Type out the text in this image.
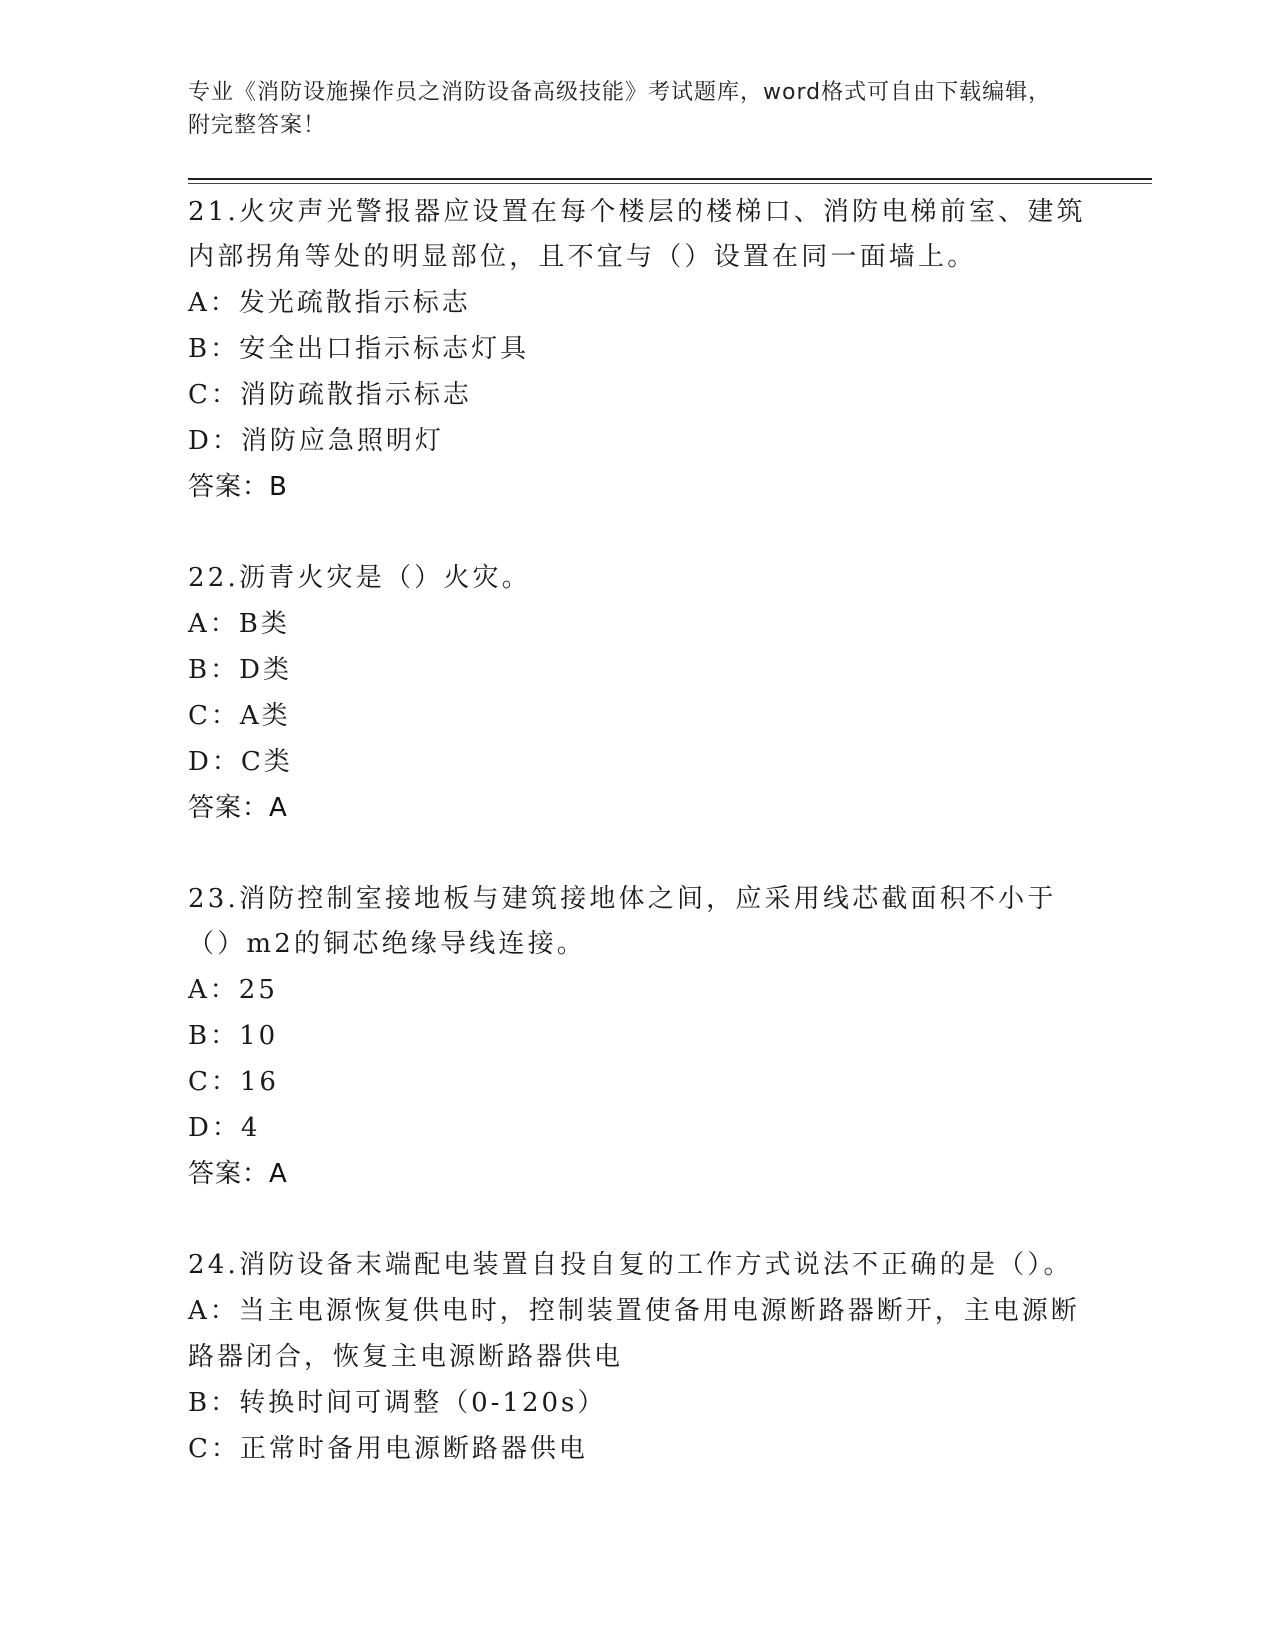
专业《消防设施操作员之消防设备高级技能》考试题库，word格式可自由下载编辑，附完整答案！
21.火灾声光警报器应设置在每个楼层的楼梯口、消防电梯前室、建筑内部拐角等处的明显部位，且不宜与（）设置在同一面墙上。
A：发光疏散指示标志
B：安全出口指示标志灯具
C：消防疏散指示标志
D：消防应急照明灯
答案：B
22.沥青火灾是（）火灾。
A：B类
B：D类
C：A类
D：C类
答案：A
23.消防控制室接地板与建筑接地体之间，应采用线芯截面积不小于（）m2的铜芯绝缘导线连接。
A：25
B：10
C：16
D：4
答案：A
24.消防设备末端配电装置自投自复的工作方式说法不正确的是（）。
A：当主电源恢复供电时，控制装置使备用电源断路器断开，主电源断路器闭合，恢复主电源断路器供电
B：转换时间可调整（0-120s）
C：正常时备用电源断路器供电
